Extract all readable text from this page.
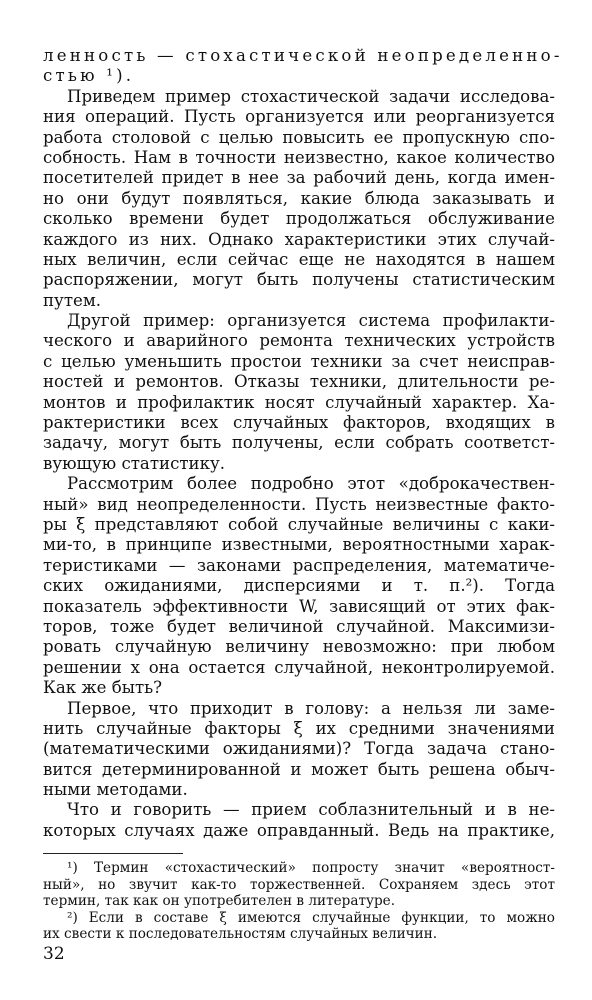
ленность — стохастической неопределенно-
стью ¹).
Приведем пример стохастической задачи исследова-
ния операций. Пусть организуется или реорганизуется
работа столовой с целью повысить ее пропускную спо-
собность. Нам в точности неизвестно, какое количество
посетителей придет в нее за рабочий день, когда имен-
но они будут появляться, какие блюда заказывать и
сколько времени будет продолжаться обслуживание
каждого из них. Однако характеристики этих случай-
ных величин, если сейчас еще не находятся в нашем
распоряжении, могут быть получены статистическим
путем.
Другой пример: организуется система профилакти-
ческого и аварийного ремонта технических устройств
с целью уменьшить простои техники за счет неисправ-
ностей и ремонтов. Отказы техники, длительности ре-
монтов и профилактик носят случайный характер. Ха-
рактеристики всех случайных факторов, входящих в
задачу, могут быть получены, если собрать соответст-
вующую статистику.
Рассмотрим более подробно этот «доброкачествен-
ный» вид неопределенности. Пусть неизвестные факто-
ры ξ представляют собой случайные величины с каки-
ми-то, в принципе известными, вероятностными харак-
теристиками — законами распределения, математиче-
ских ожиданиями, дисперсиями и т. п.²). Тогда
показатель эффективности W, зависящий от этих фак-
торов, тоже будет величиной случайной. Максимизи-
ровать случайную величину невозможно: при любом
решении x она остается случайной, неконтролируемой.
Как же быть?
Первое, что приходит в голову: а нельзя ли заме-
нить случайные факторы ξ их средними значениями
(математическими ожиданиями)? Тогда задача стано-
вится детерминированной и может быть решена обыч-
ными методами.
Что и говорить — прием соблазнительный и в не-
которых случаях даже оправданный. Ведь на практике,
¹) Термин «стохастический» попросту значит «вероятност-
ный», но звучит как-то торжественней. Сохраняем здесь этот
термин, так как он употребителен в литературе.
²) Если в составе ξ имеются случайные функции, то можно
их свести к последовательностям случайных величин.
32
